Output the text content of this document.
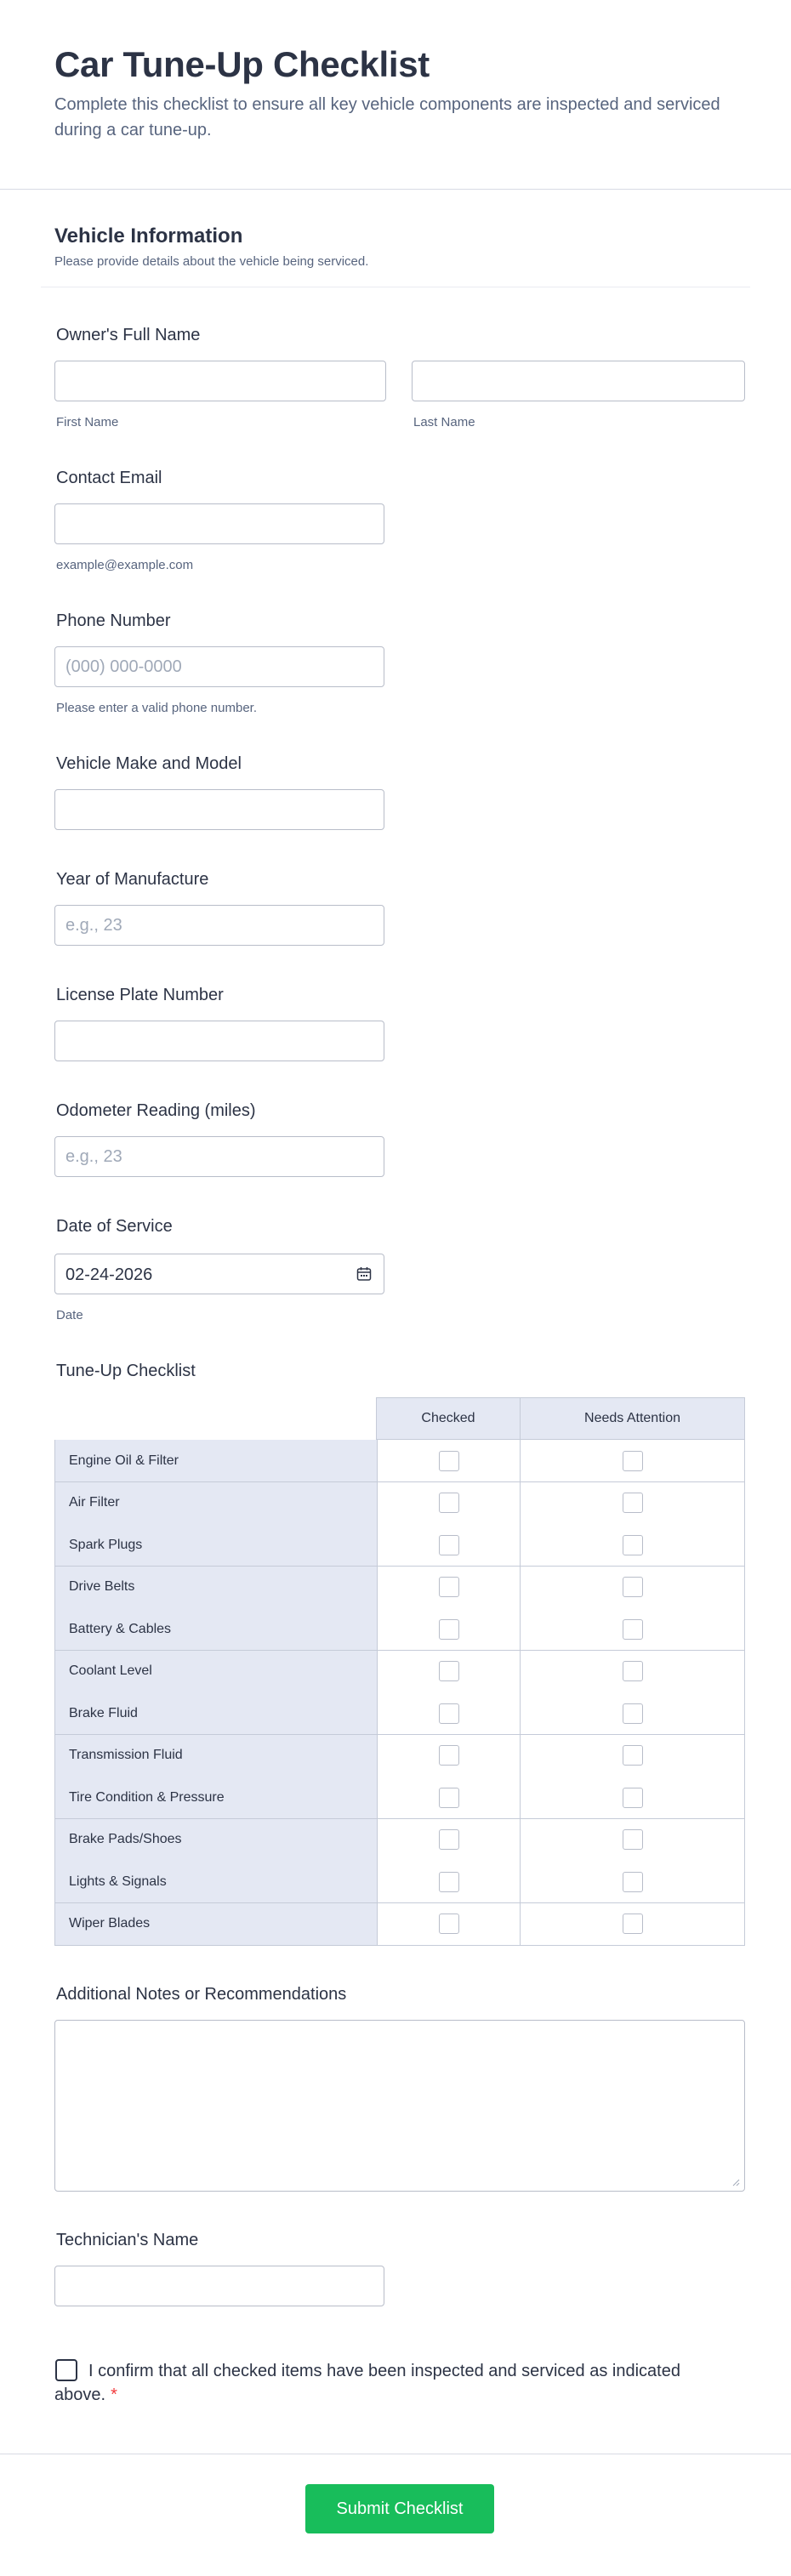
Car Tune-Up Checklist
Complete this checklist to ensure all key vehicle components are inspected and serviced during a car tune-up.
Vehicle Information
Please provide details about the vehicle being serviced.
Owner's Full Name
First Name	Last Name
Contact Email
example@example.com
Phone Number
(000) 000-0000
Please enter a valid phone number.
Vehicle Make and Model
Year of Manufacture
e.g., 23
License Plate Number
Odometer Reading (miles)
e.g., 23
Date of Service
02-24-2026
Date
Tune-Up Checklist
Checked	Needs Attention
Engine Oil & Filter
Air Filter
Spark Plugs
Drive Belts
Battery & Cables
Coolant Level
Brake Fluid
Transmission Fluid
Tire Condition & Pressure
Brake Pads/Shoes
Lights & Signals
Wiper Blades
Additional Notes or Recommendations
Technician's Name
I confirm that all checked items have been inspected and serviced as indicated above. *
Submit Checklist
